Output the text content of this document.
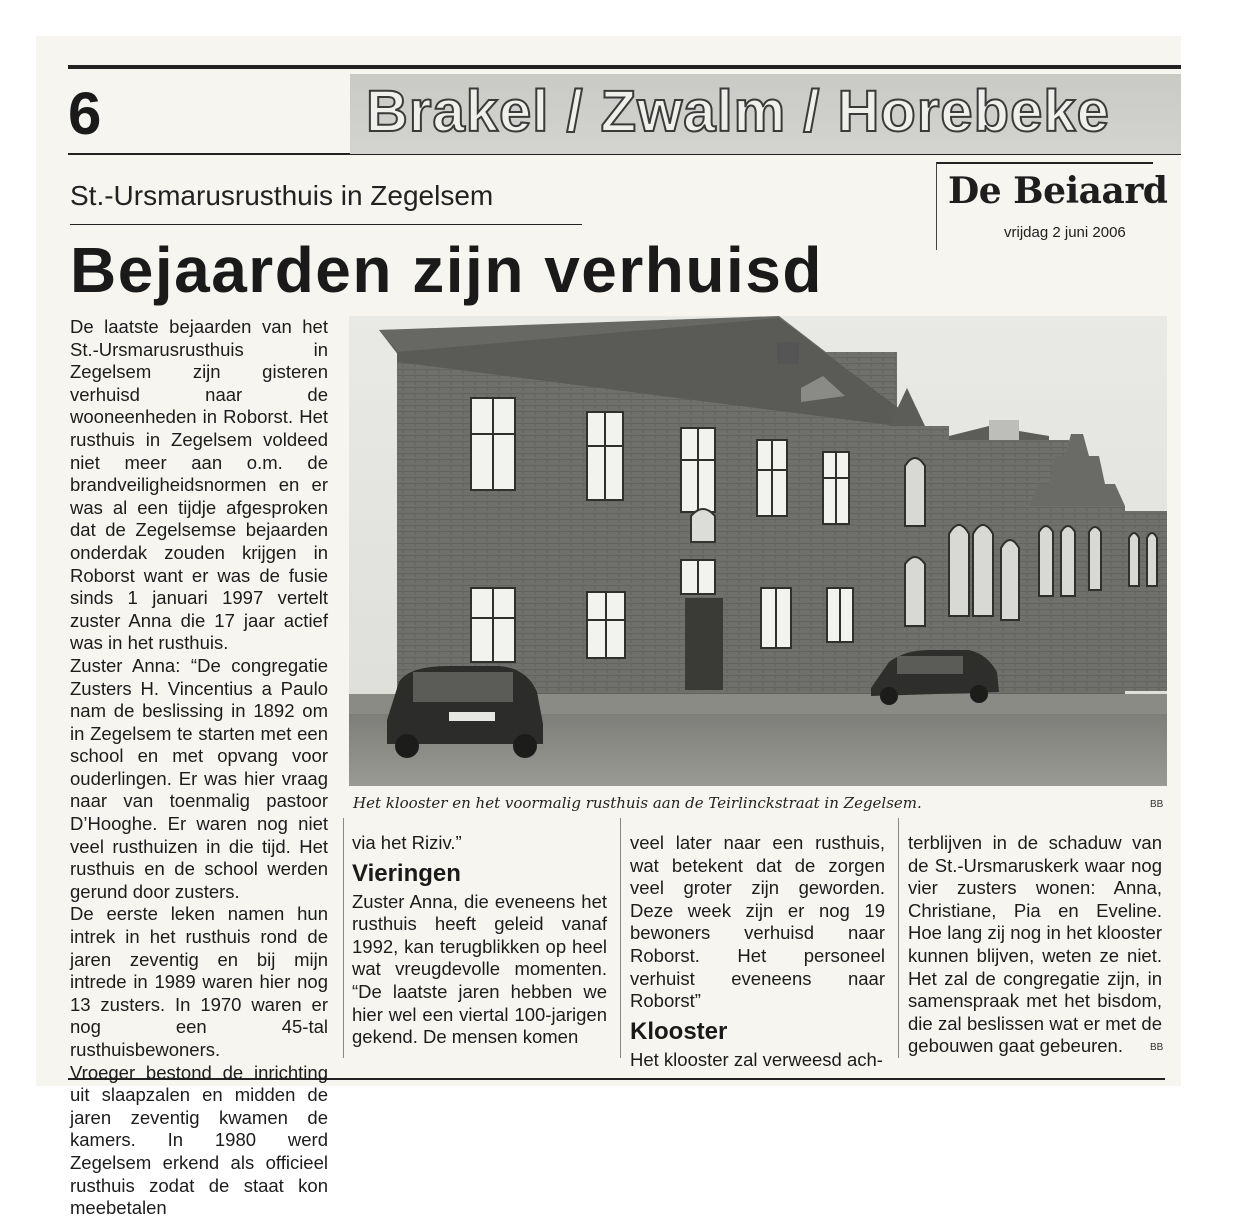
6	Brakel / Zwalm / Horebeke
St.-Ursmarusrusthuis in Zegelsem
Bejaarden zijn verhuisd
De Beiaard
vrijdag 2 juni 2006
Het klooster en het voormalig rusthuis aan de Teirlinckstraat in Zegelsem.	BB

De laatste bejaarden van het St.-Ursmarusrusthuis in Zegelsem zijn gisteren verhuisd naar de wooneenheden in Roborst. Het rusthuis in Zegelsem voldeed niet meer aan o.m. de brandveiligheidsnormen en er was al een tijdje afgesproken dat de Zegelsemse bejaarden onderdak zouden krijgen in Roborst want er was de fusie sinds 1 januari 1997 vertelt zuster Anna die 17 jaar actief was in het rusthuis.

Zuster Anna: “De congregatie Zusters H. Vincentius a Paulo nam de beslissing in 1892 om in Zegelsem te starten met een school en met opvang voor ouderlingen. Er was hier vraag naar van toenmalig pastoor D’Hooghe. Er waren nog niet veel rusthuizen in die tijd. Het rusthuis en de school werden gerund door zusters.

De eerste leken namen hun intrek in het rusthuis rond de jaren zeventig en bij mijn intrede in 1989 waren hier nog 13 zusters. In 1970 waren er nog een 45-tal rusthuisbewoners.

Vroeger bestond de inrichting uit slaapzalen en midden de jaren zeventig kwamen de kamers. In 1980 werd Zegelsem erkend als officieel rusthuis zodat de staat kon meebetalen

via het Riziv.”

Vieringen

Zuster Anna, die eveneens het rusthuis heeft geleid vanaf 1992, kan terugblikken op heel wat vreugdevolle momenten. “De laatste jaren hebben we hier wel een viertal 100-jarigen gekend. De mensen komen

veel later naar een rusthuis, wat betekent dat de zorgen veel groter zijn geworden. Deze week zijn er nog 19 bewoners verhuisd naar Roborst. Het personeel verhuist eveneens naar Roborst”

Klooster

Het klooster zal verweesd ach-

terblijven in de schaduw van de St.-Ursmaruskerk waar nog vier zusters wonen: Anna, Christiane, Pia en Eveline. Hoe lang zij nog in het klooster kunnen blijven, weten ze niet. Het zal de congregatie zijn, in samenspraak met het bisdom, die zal beslissen wat er met de gebouwen gaat gebeuren.	BB
